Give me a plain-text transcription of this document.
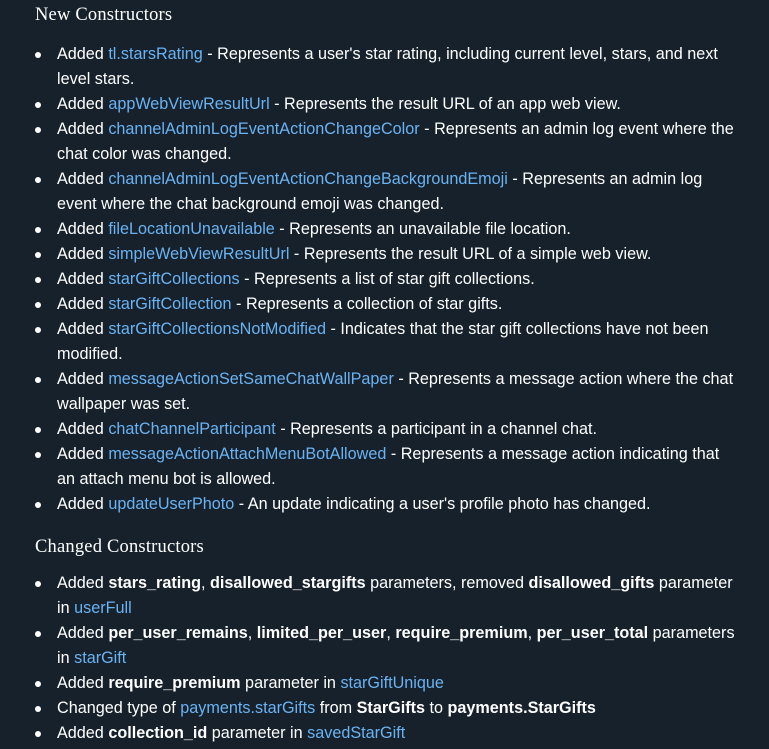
New Constructors
Added tl.starsRating - Represents a user's star rating, including current level, stars, and next level stars.
Added appWebViewResultUrl - Represents the result URL of an app web view.
Added channelAdminLogEventActionChangeColor - Represents an admin log event where the chat color was changed.
Added channelAdminLogEventActionChangeBackgroundEmoji - Represents an admin log event where the chat background emoji was changed.
Added fileLocationUnavailable - Represents an unavailable file location.
Added simpleWebViewResultUrl - Represents the result URL of a simple web view.
Added starGiftCollections - Represents a list of star gift collections.
Added starGiftCollection - Represents a collection of star gifts.
Added starGiftCollectionsNotModified - Indicates that the star gift collections have not been modified.
Added messageActionSetSameChatWallPaper - Represents a message action where the chat wallpaper was set.
Added chatChannelParticipant - Represents a participant in a channel chat.
Added messageActionAttachMenuBotAllowed - Represents a message action indicating that an attach menu bot is allowed.
Added updateUserPhoto - An update indicating a user's profile photo has changed.
Changed Constructors
Added stars_rating, disallowed_stargifts parameters, removed disallowed_gifts parameter in userFull
Added per_user_remains, limited_per_user, require_premium, per_user_total parameters in starGift
Added require_premium parameter in starGiftUnique
Changed type of payments.starGifts from StarGifts to payments.StarGifts
Added collection_id parameter in savedStarGift
